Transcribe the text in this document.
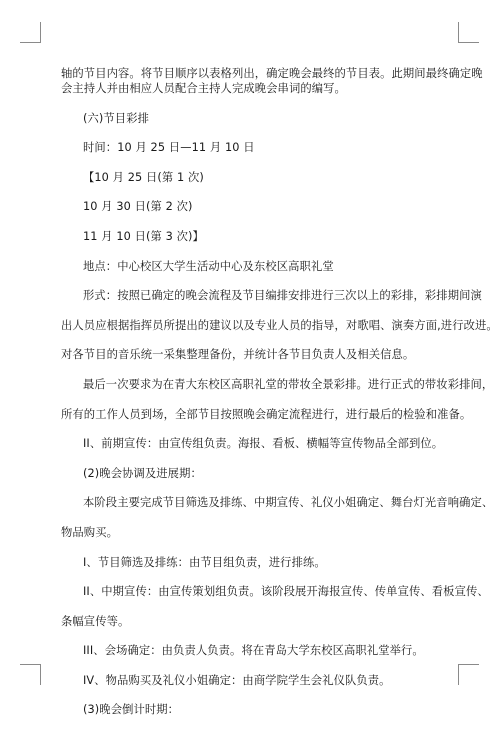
轴的节目内容。将节目顺序以表格列出，确定晚会最终的节目表。此期间最终确定晚
会主持人并由相应人员配合主持人完成晚会串词的编写。
(六)节目彩排
时间：10 月 25 日—11 月 10 日
【10 月 25 日(第 1 次)
10 月 30 日(第 2 次)
11 月 10 日(第 3 次)】
地点：中心校区大学生活动中心及东校区高职礼堂
形式：按照已确定的晚会流程及节目编排安排进行三次以上的彩排，彩排期间演
出人员应根据指挥员所提出的建议以及专业人员的指导，对歌唱、演奏方面,进行改进。
对各节目的音乐统一采集整理备份，并统计各节目负责人及相关信息。
最后一次要求为在青大东校区高职礼堂的带妆全景彩排。进行正式的带妆彩排间，
所有的工作人员到场，全部节目按照晚会确定流程进行，进行最后的检验和准备。
II、前期宣传：由宣传组负责。海报、看板、横幅等宣传物品全部到位。
(2)晚会协调及进展期：
本阶段主要完成节目筛选及排练、中期宣传、礼仪小姐确定、舞台灯光音响确定、
物品购买。
I、节目筛选及排练：由节目组负责，进行排练。
II、中期宣传：由宣传策划组负责。该阶段展开海报宣传、传单宣传、看板宣传、
条幅宣传等。
III、会场确定：由负责人负责。将在青岛大学东校区高职礼堂举行。
IV、物品购买及礼仪小姐确定：由商学院学生会礼仪队负责。
(3)晚会倒计时期：
